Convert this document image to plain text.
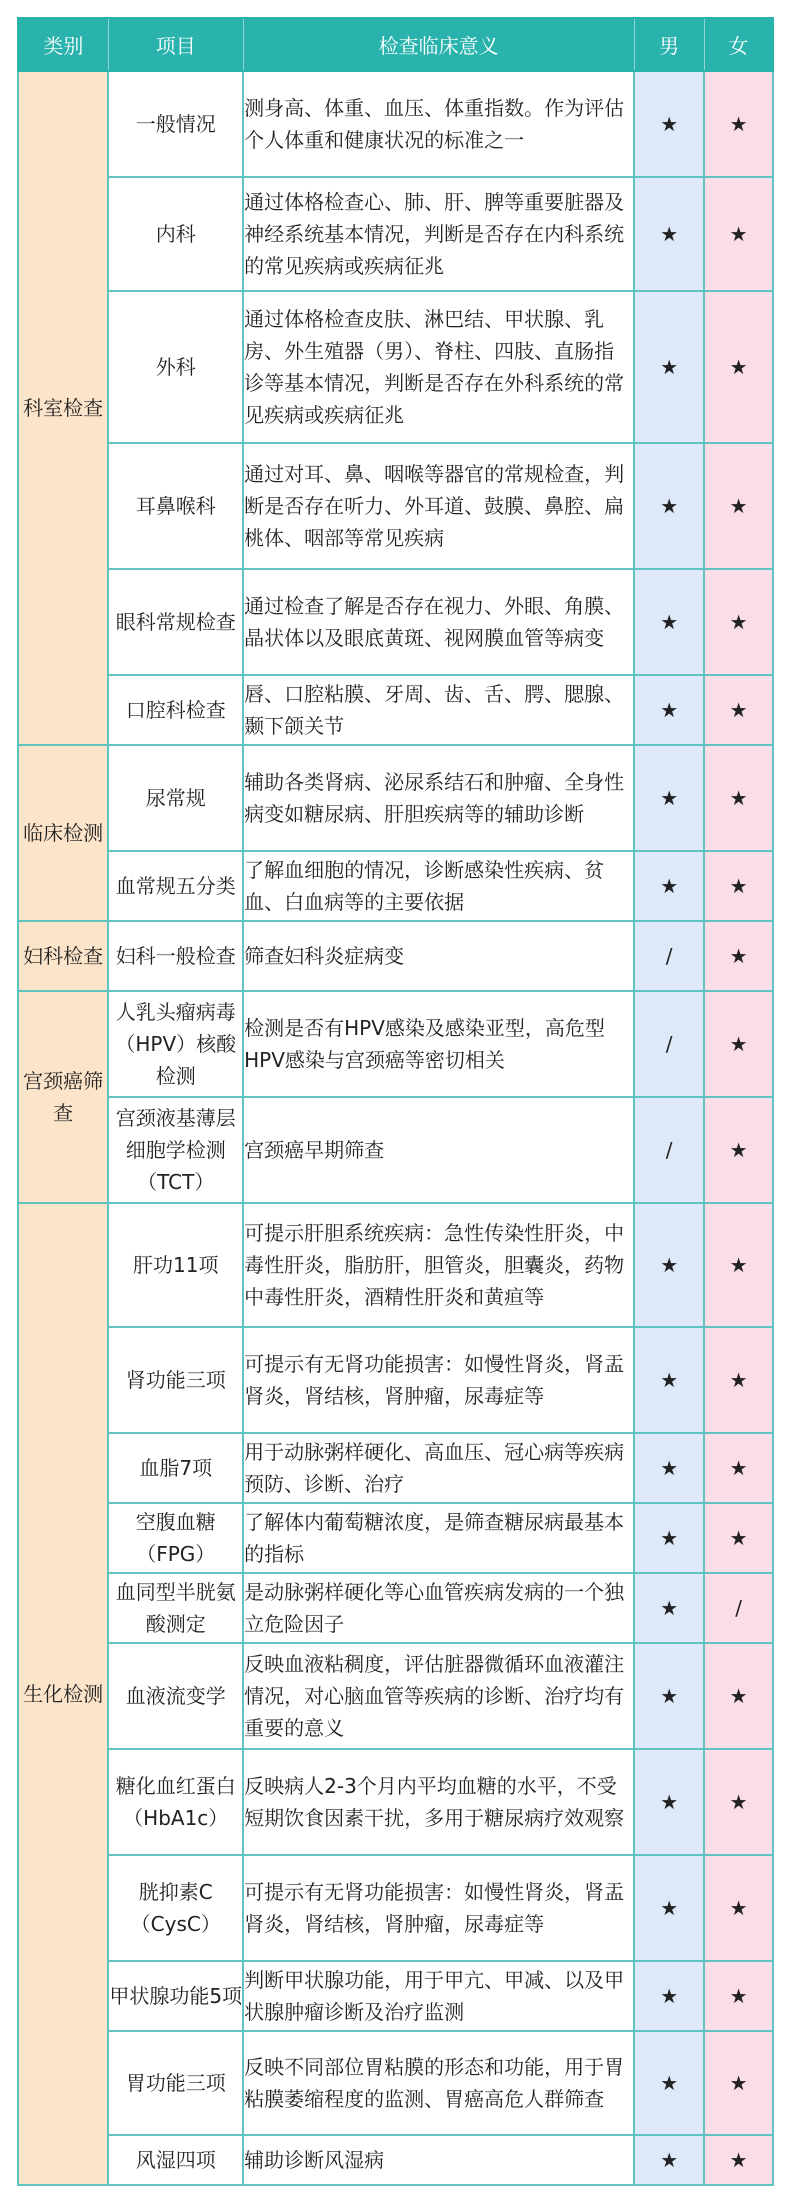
类别	项目	检查临床意义	男	女
科室检查	一般情况	测身高、体重、血压、体重指数。作为评估个人体重和健康状况的标准之一	★	★
	内科	通过体格检查心、肺、肝、脾等重要脏器及神经系统基本情况，判断是否存在内科系统的常见疾病或疾病征兆	★	★
	外科	通过体格检查皮肤、淋巴结、甲状腺、乳房、外生殖器（男）、脊柱、四肢、直肠指诊等基本情况，判断是否存在外科系统的常见疾病或疾病征兆	★	★
	耳鼻喉科	通过对耳、鼻、咽喉等器官的常规检查，判断是否存在听力、外耳道、鼓膜、鼻腔、扁桃体、咽部等常见疾病	★	★
	眼科常规检查	通过检查了解是否存在视力、外眼、角膜、晶状体以及眼底黄斑、视网膜血管等病变	★	★
	口腔科检查	唇、口腔粘膜、牙周、齿、舌、腭、腮腺、颞下颌关节	★	★
临床检测	尿常规	辅助各类肾病、泌尿系结石和肿瘤、全身性病变如糖尿病、肝胆疾病等的辅助诊断	★	★
	血常规五分类	了解血细胞的情况，诊断感染性疾病、贫血、白血病等的主要依据	★	★
妇科检查	妇科一般检查	筛查妇科炎症病变	/	★
宫颈癌筛查	人乳头瘤病毒（HPV）核酸检测	检测是否有HPV感染及感染亚型，高危型HPV感染与宫颈癌等密切相关	/	★
	宫颈液基薄层细胞学检测（TCT）	宫颈癌早期筛查	/	★
生化检测	肝功11项	可提示肝胆系统疾病：急性传染性肝炎，中毒性肝炎，脂肪肝，胆管炎，胆囊炎，药物中毒性肝炎，酒精性肝炎和黄疸等	★	★
	肾功能三项	可提示有无肾功能损害：如慢性肾炎，肾盂肾炎，肾结核，肾肿瘤，尿毒症等	★	★
	血脂7项	用于动脉粥样硬化、高血压、冠心病等疾病预防、诊断、治疗	★	★
	空腹血糖（FPG）	了解体内葡萄糖浓度，是筛查糖尿病最基本的指标	★	★
	血同型半胱氨酸测定	是动脉粥样硬化等心血管疾病发病的一个独立危险因子	★	/
	血液流变学	反映血液粘稠度，评估脏器微循环血液灌注情况，对心脑血管等疾病的诊断、治疗均有重要的意义	★	★
	糖化血红蛋白（HbA1c）	反映病人2-3个月内平均血糖的水平，不受短期饮食因素干扰，多用于糖尿病疗效观察	★	★
	胱抑素C（CysC）	可提示有无肾功能损害：如慢性肾炎，肾盂肾炎，肾结核，肾肿瘤，尿毒症等	★	★
	甲状腺功能5项	判断甲状腺功能，用于甲亢、甲减、以及甲状腺肿瘤诊断及治疗监测	★	★
	胃功能三项	反映不同部位胃粘膜的形态和功能，用于胃粘膜萎缩程度的监测、胃癌高危人群筛查	★	★
	风湿四项	辅助诊断风湿病	★	★
